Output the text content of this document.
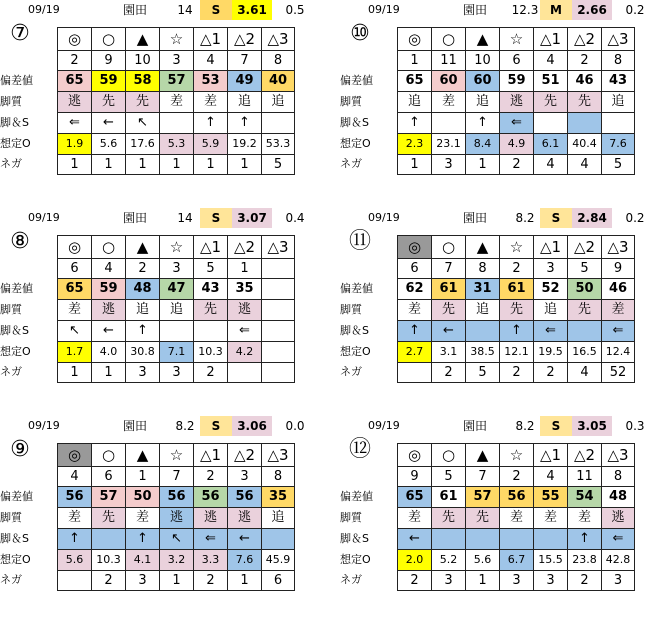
09/19	園田	14	S	3.61	0.5
⑦
偏差値
脚質
脚＆S
想定O
ネガ
◎	○	▲	☆	△1	△2	△3
2	9	10	3	4	7	8
65	59	58	57	53	49	40
逃	先	先	差	差	追	追
⇐	←	↖		↑	↑	
1.9	5.6	17.6	5.3	5.9	19.2	53.3
1	1	1	1	1	1	5
09/19	園田	12.3 M	2.66	0.2
⑩
偏差値
脚質
脚＆S
想定O
ネガ
◎	○	▲	☆	△1	△2	△3
1	11	10	6	4	2	8
65	60	60	59	51	46	43
追	差	追	逃	先	先	追
↑		↑	⇐			
2.3	23.1	8.4	4.9	6.1	40.4	7.6
1	3	1	2	4	4	5
09/19	園田	14	S	3.07	0.4
⑧
偏差値
脚質
脚＆S
想定O
ネガ
◎	○	▲	☆	△1	△2	△3
6	4	2	3	5	1	
65	59	48	47	43	35	
差	逃	追	追	先	逃	
↖	←	↑			⇐	
1.7	4.0	30.8	7.1	10.3	4.2	
1	1	3	3	2		
09/19	園田	8.2	S	2.84	0.2
⑪
偏差値
脚質
脚＆S
想定O
ネガ
◎	○	▲	☆	△1	△2	△3
6	7	8	2	3	5	9
62	61	31	61	52	50	46
差	先	追	先	追	先	差
↑	←		↑	⇐		⇐
2.7	3.1	38.5	12.1	19.5	16.5	12.4
	2	5	2	2	4	52
09/19	園田	8.2	S	3.06	0.0
⑨
偏差値
脚質
脚＆S
想定O
ネガ
◎	○	▲	☆	△1	△2	△3
4	6	1	7	2	3	8
56	57	50	56	56	56	35
差	先	差	逃	逃	逃	追
↑		↑	↖	⇐	←	
5.6	10.3	4.1	3.2	3.3	7.6	45.9
	2	3	1	2	1	6
09/19	園田	8.2	S	3.05	0.3
⑫
偏差値
脚質
脚＆S
想定O
ネガ
◎	○	▲	☆	△1	△2	△3
9	5	7	2	4	11	8
65	61	57	56	55	54	48
差	先	先	差	差	差	逃
←					↑	⇐
2.0	5.2	5.6	6.7	15.5	23.8	42.8
2	3	1	3	3	2	3
